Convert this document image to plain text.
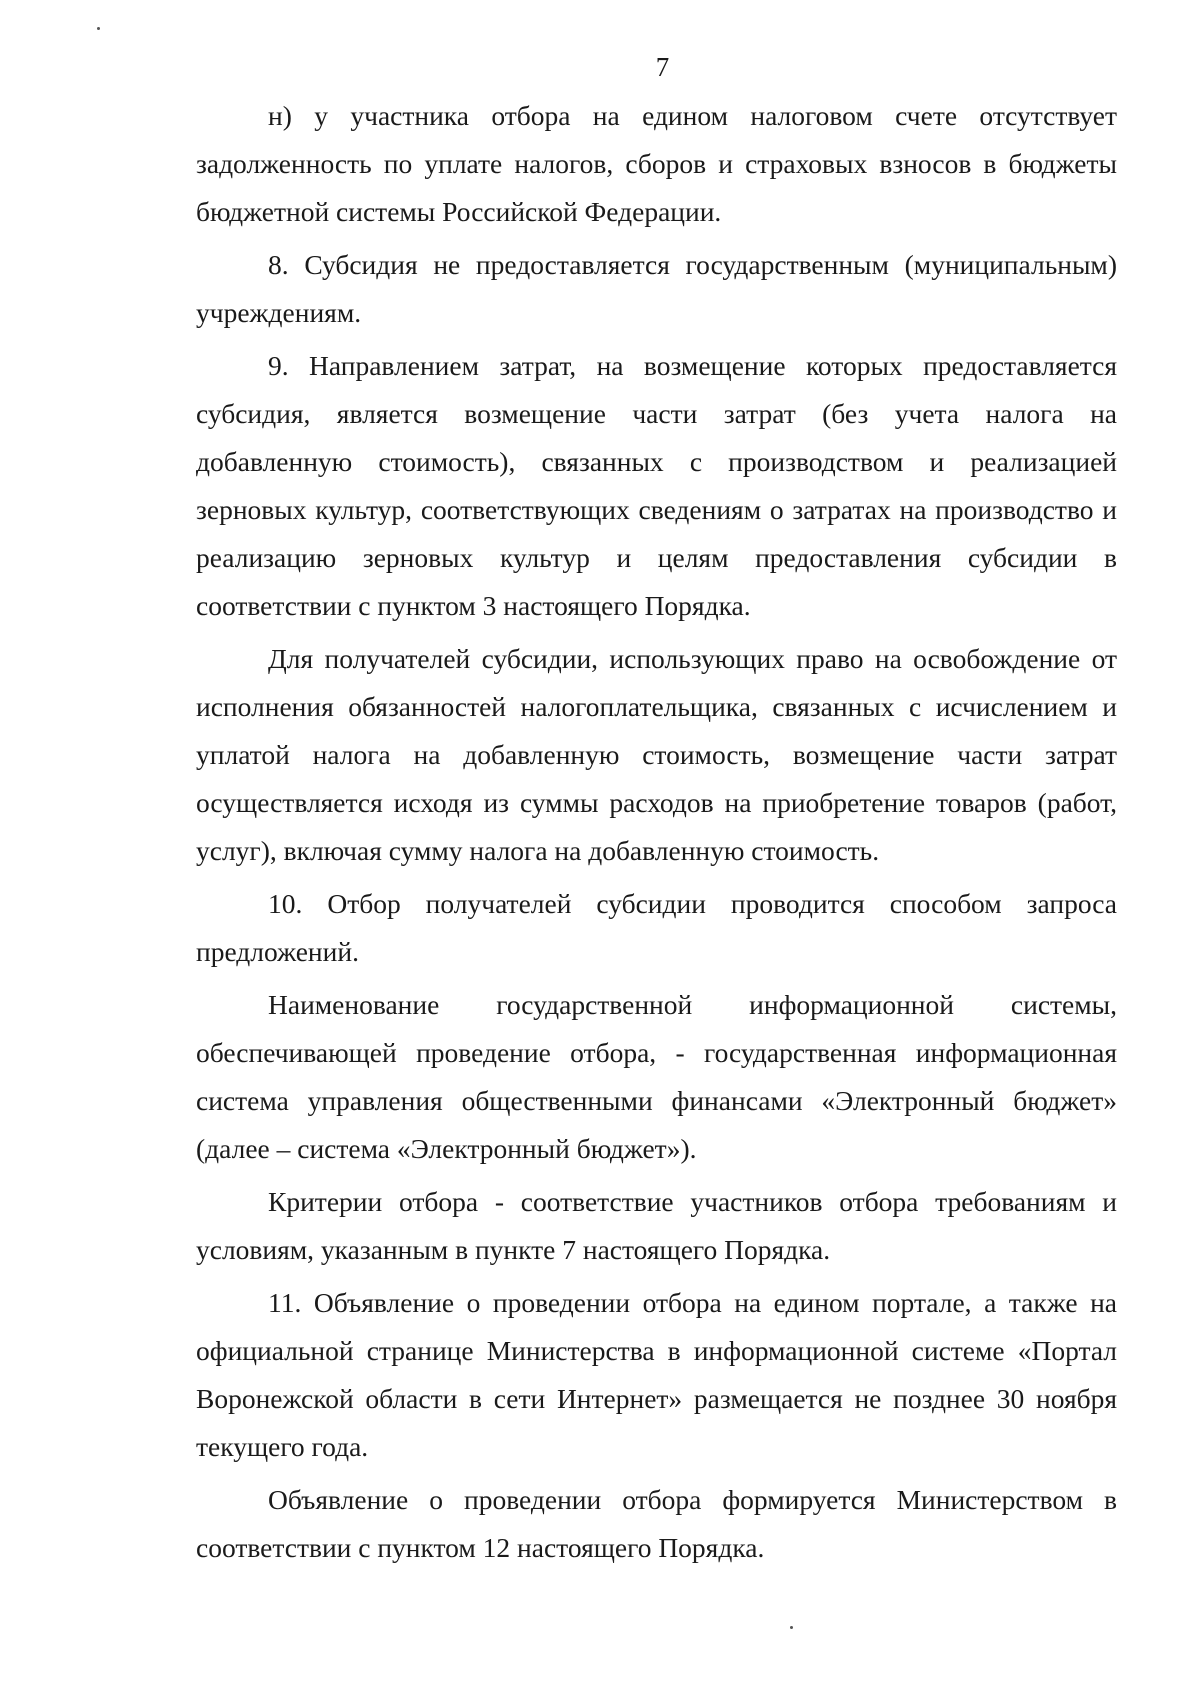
7

н) у участника отбора на едином налоговом счете отсутствует задолженность по уплате налогов, сборов и страховых взносов в бюджеты бюджетной системы Российской Федерации.

8. Субсидия не предоставляется государственным (муниципальным) учреждениям.

9. Направлением затрат, на возмещение которых предоставляется субсидия, является возмещение части затрат (без учета налога на добавленную стоимость), связанных с производством и реализацией зерновых культур, соответствующих сведениям о затратах на производство и реализацию зерновых культур и целям предоставления субсидии в соответствии с пунктом 3 настоящего Порядка.

Для получателей субсидии, использующих право на освобождение от исполнения обязанностей налогоплательщика, связанных с исчислением и уплатой налога на добавленную стоимость, возмещение части затрат осуществляется исходя из суммы расходов на приобретение товаров (работ, услуг), включая сумму налога на добавленную стоимость.

10. Отбор получателей субсидии проводится способом запроса предложений.

Наименование государственной информационной системы, обеспечивающей проведение отбора, - государственная информационная система управления общественными финансами «Электронный бюджет» (далее – система «Электронный бюджет»).

Критерии отбора - соответствие участников отбора требованиям и условиям, указанным в пункте 7 настоящего Порядка.

11. Объявление о проведении отбора на едином портале, а также на официальной странице Министерства в информационной системе «Портал Воронежской области в сети Интернет» размещается не позднее 30 ноября текущего года.

Объявление о проведении отбора формируется Министерством в соответствии с пунктом 12 настоящего Порядка.
